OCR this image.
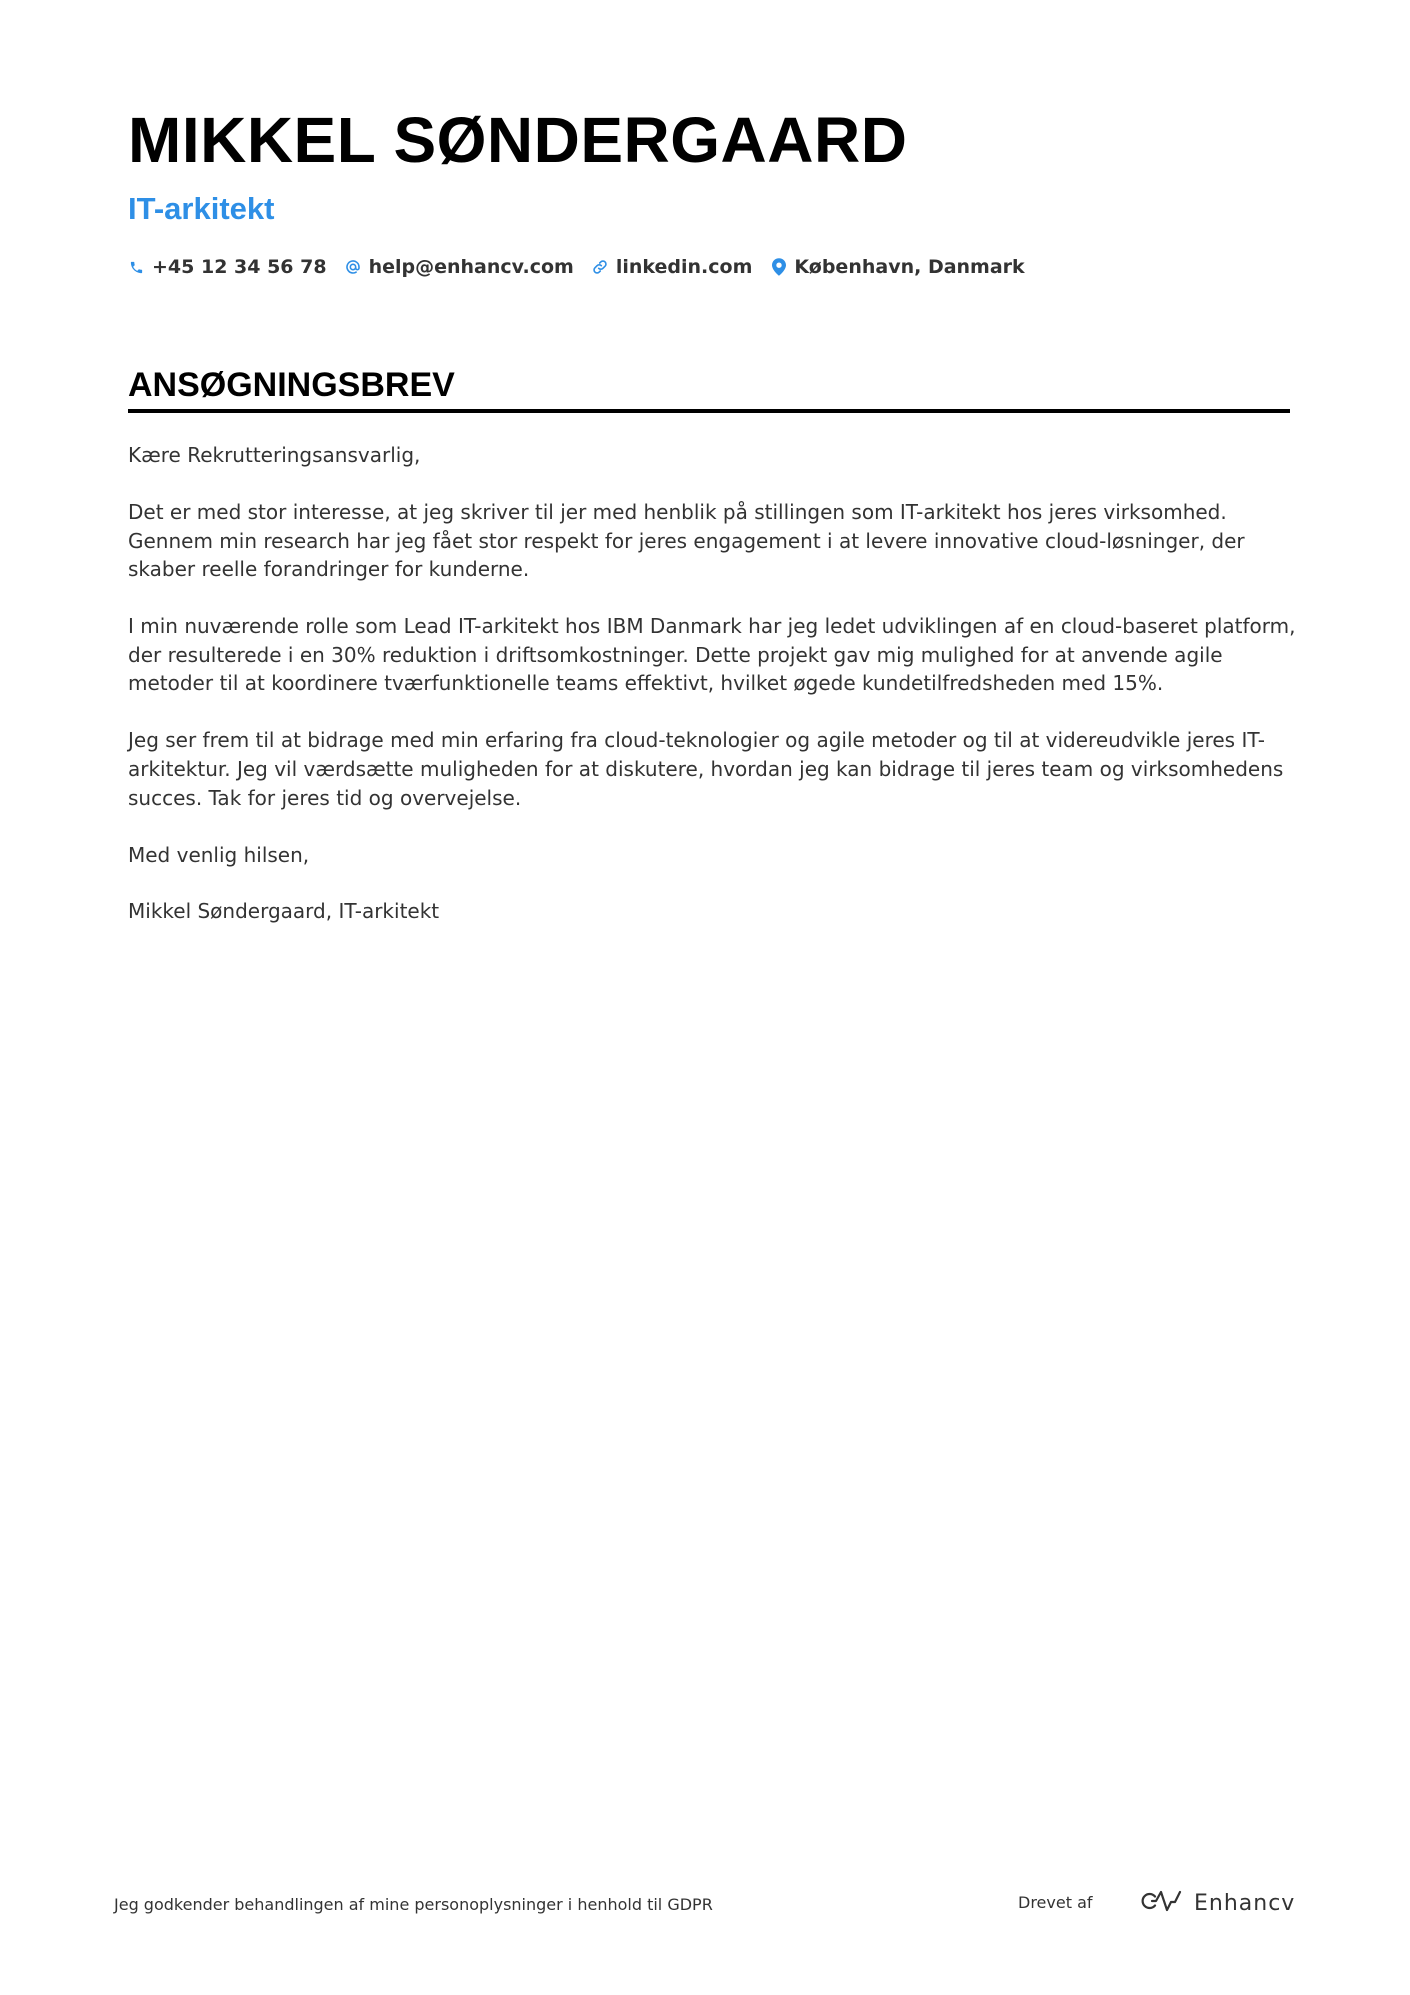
MIKKEL SØNDERGAARD
IT-arkitekt
+45 12 34 56 78 help@enhancv.com linkedin.com København, Danmark
ANSØGNINGSBREV

Kære Rekrutteringsansvarlig,

Det er med stor interesse, at jeg skriver til jer med henblik på stillingen som IT-arkitekt hos jeres virksomhed. Gennem min research har jeg fået stor respekt for jeres engagement i at levere innovative cloud-løsninger, der skaber reelle forandringer for kunderne.

I min nuværende rolle som Lead IT-arkitekt hos IBM Danmark har jeg ledet udviklingen af en cloud-baseret platform, der resulterede i en 30% reduktion i driftsomkostninger. Dette projekt gav mig mulighed for at anvende agile metoder til at koordinere tværfunktionelle teams effektivt, hvilket øgede kundetilfredsheden med 15%.

Jeg ser frem til at bidrage med min erfaring fra cloud-teknologier og agile metoder og til at videreudvikle jeres IT-arkitektur. Jeg vil værdsætte muligheden for at diskutere, hvordan jeg kan bidrage til jeres team og virksomhedens succes. Tak for jeres tid og overvejelse.

Med venlig hilsen,

Mikkel Søndergaard, IT-arkitekt

Jeg godkender behandlingen af mine personoplysninger i henhold til GDPR	Drevet af	Enhancv
